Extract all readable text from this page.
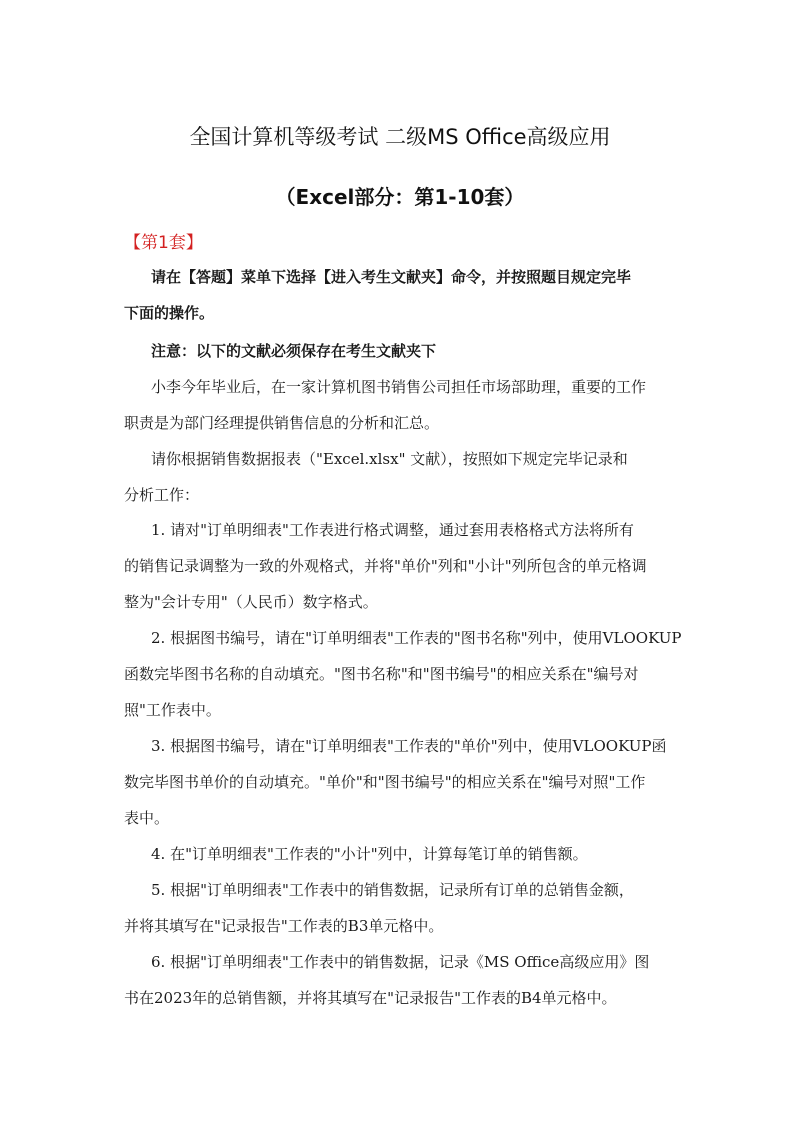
全国计算机等级考试 二级MS Office高级应用
（Excel部分：第1-10套）
【第1套】
请在【答题】菜单下选择【进入考生文献夹】命令，并按照题目规定完毕
下面的操作。
注意：以下的文献必须保存在考生文献夹下
小李今年毕业后，在一家计算机图书销售公司担任市场部助理，重要的工作
职责是为部门经理提供销售信息的分析和汇总。
请你根据销售数据报表（"Excel.xlsx" 文献），按照如下规定完毕记录和
分析工作：
1. 请对"订单明细表"工作表进行格式调整，通过套用表格格式方法将所有
的销售记录调整为一致的外观格式，并将"单价"列和"小计"列所包含的单元格调
整为"会计专用"（人民币）数字格式。
2. 根据图书编号，请在"订单明细表"工作表的"图书名称"列中，使用VLOOKUP
函数完毕图书名称的自动填充。"图书名称"和"图书编号"的相应关系在"编号对
照"工作表中。
3. 根据图书编号，请在"订单明细表"工作表的"单价"列中，使用VLOOKUP函
数完毕图书单价的自动填充。"单价"和"图书编号"的相应关系在"编号对照"工作
表中。
4. 在"订单明细表"工作表的"小计"列中，计算每笔订单的销售额。
5. 根据"订单明细表"工作表中的销售数据，记录所有订单的总销售金额，
并将其填写在"记录报告"工作表的B3单元格中。
6. 根据"订单明细表"工作表中的销售数据，记录《MS Office高级应用》图
书在2023年的总销售额，并将其填写在"记录报告"工作表的B4单元格中。
